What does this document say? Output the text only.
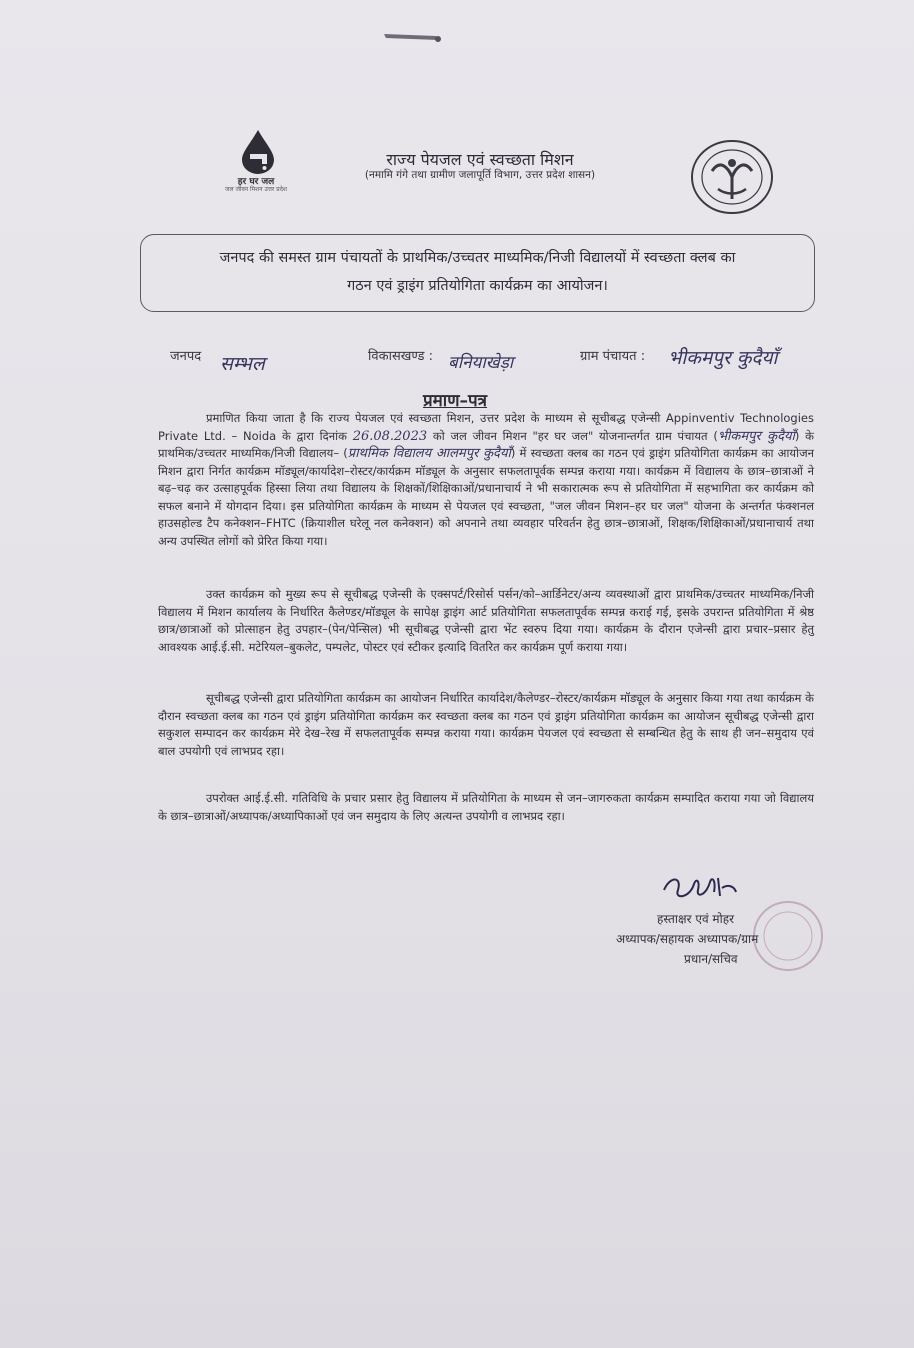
हर घर जल
जल जीवन मिशन उत्तर प्रदेश
राज्य पेयजल एवं स्वच्छता मिशन
(नमामि गंगे तथा ग्रामीण जलापूर्ति विभाग, उत्तर प्रदेश शासन)

जनपद की समस्त ग्राम पंचायतों के प्राथमिक/उच्चतर माध्यमिक/निजी विद्यालयों में स्वच्छता क्लब का
गठन एवं ड्राइंग प्रतियोगिता कार्यक्रम का आयोजन।

जनपद सम्भल	विकासखण्ड : बनियाखेड़ा	ग्राम पंचायत : भीकमपुर कुदैयाँ
प्रमाण–पत्र

प्रमाणित किया जाता है कि राज्य पेयजल एवं स्वच्छता मिशन, उत्तर प्रदेश के माध्यम से सूचीबद्ध एजेन्सी Appinventiv Technologies Private Ltd. – Noida के द्वारा दिनांक 26.08.2023 को जल जीवन मिशन "हर घर जल" योजनान्तर्गत ग्राम पंचायत (भीकमपुर कुदैयाँ) के प्राथमिक/उच्चतर माध्यमिक/निजी विद्यालय– (प्राथमिक विद्यालय आलमपुर कुदैयाँ) में स्वच्छता क्लब का गठन एवं ड्राइंग प्रतियोगिता कार्यक्रम का आयोजन मिशन द्वारा निर्गत कार्यक्रम मॉड्यूल/कार्यादेश–रोस्टर/कार्यक्रम मॉड्यूल के अनुसार सफलतापूर्वक सम्पन्न कराया गया। कार्यक्रम में विद्यालय के छात्र–छात्राओं ने बढ़–चढ़ कर उत्साहपूर्वक हिस्सा लिया तथा विद्यालय के शिक्षकों/शिक्षिकाओं/प्रधानाचार्य ने भी सकारात्मक रूप से प्रतियोगिता में सहभागिता कर कार्यक्रम को सफल बनाने में योगदान दिया। इस प्रतियोगिता कार्यक्रम के माध्यम से पेयजल एवं स्वच्छता, "जल जीवन मिशन–हर घर जल" योजना के अन्तर्गत फंक्शनल हाउसहोल्ड टैप कनेक्शन–FHTC (क्रियाशील घरेलू नल कनेक्शन) को अपनाने तथा व्यवहार परिवर्तन हेतु छात्र–छात्राओं, शिक्षक/शिक्षिकाओं/प्रधानाचार्य तथा अन्य उपस्थित लोगों को प्रेरित किया गया।

उक्त कार्यक्रम को मुख्य रूप से सूचीबद्ध एजेन्सी के एक्सपर्ट/रिसोर्स पर्सन/को–आर्डिनेटर/अन्य व्यवस्थाओं द्वारा प्राथमिक/उच्चतर माध्यमिक/निजी विद्यालय में मिशन कार्यालय के निर्धारित कैलेण्डर/मॉड्यूल के सापेक्ष ड्राइंग आर्ट प्रतियोगिता सफलतापूर्वक सम्पन्न कराई गई, इसके उपरान्त प्रतियोगिता में श्रेष्ठ छात्र/छात्राओं को प्रोत्साहन हेतु उपहार–(पेन/पेन्सिल) भी सूचीबद्ध एजेन्सी द्वारा भेंट स्वरुप दिया गया। कार्यक्रम के दौरान एजेन्सी द्वारा प्रचार–प्रसार हेतु आवश्यक आई.ई.सी. मटेरियल–बुकलेट, पम्पलेट, पोस्टर एवं स्टीकर इत्यादि वितरित कर कार्यक्रम पूर्ण कराया गया।

सूचीबद्ध एजेन्सी द्वारा प्रतियोगिता कार्यक्रम का आयोजन निर्धारित कार्यादेश/कैलेण्डर–रोस्टर/कार्यक्रम मॉड्यूल के अनुसार किया गया तथा कार्यक्रम के दौरान स्वच्छता क्लब का गठन एवं ड्राइंग प्रतियोगिता कार्यक्रम कर स्वच्छता क्लब का गठन एवं ड्राइंग प्रतियोगिता कार्यक्रम का आयोजन सूचीबद्ध एजेन्सी द्वारा सकुशल सम्पादन कर कार्यक्रम मेरे देख–रेख में सफलतापूर्वक सम्पन्न कराया गया। कार्यक्रम पेयजल एवं स्वच्छता से सम्बन्धित हेतु के साथ ही जन–समुदाय एवं बाल उपयोगी एवं लाभप्रद रहा।

उपरोक्त आई.ई.सी. गतिविधि के प्रचार प्रसार हेतु विद्यालय में प्रतियोगिता के माध्यम से जन–जागरुकता कार्यक्रम सम्पादित कराया गया जो विद्यालय के छात्र–छात्राओं/अध्यापक/अध्यापिकाओं एवं जन समुदाय के लिए अत्यन्त उपयोगी व लाभप्रद रहा।

हस्ताक्षर एवं मोहर
अध्यापक/सहायक अध्यापक/ग्राम
प्रधान/सचिव
